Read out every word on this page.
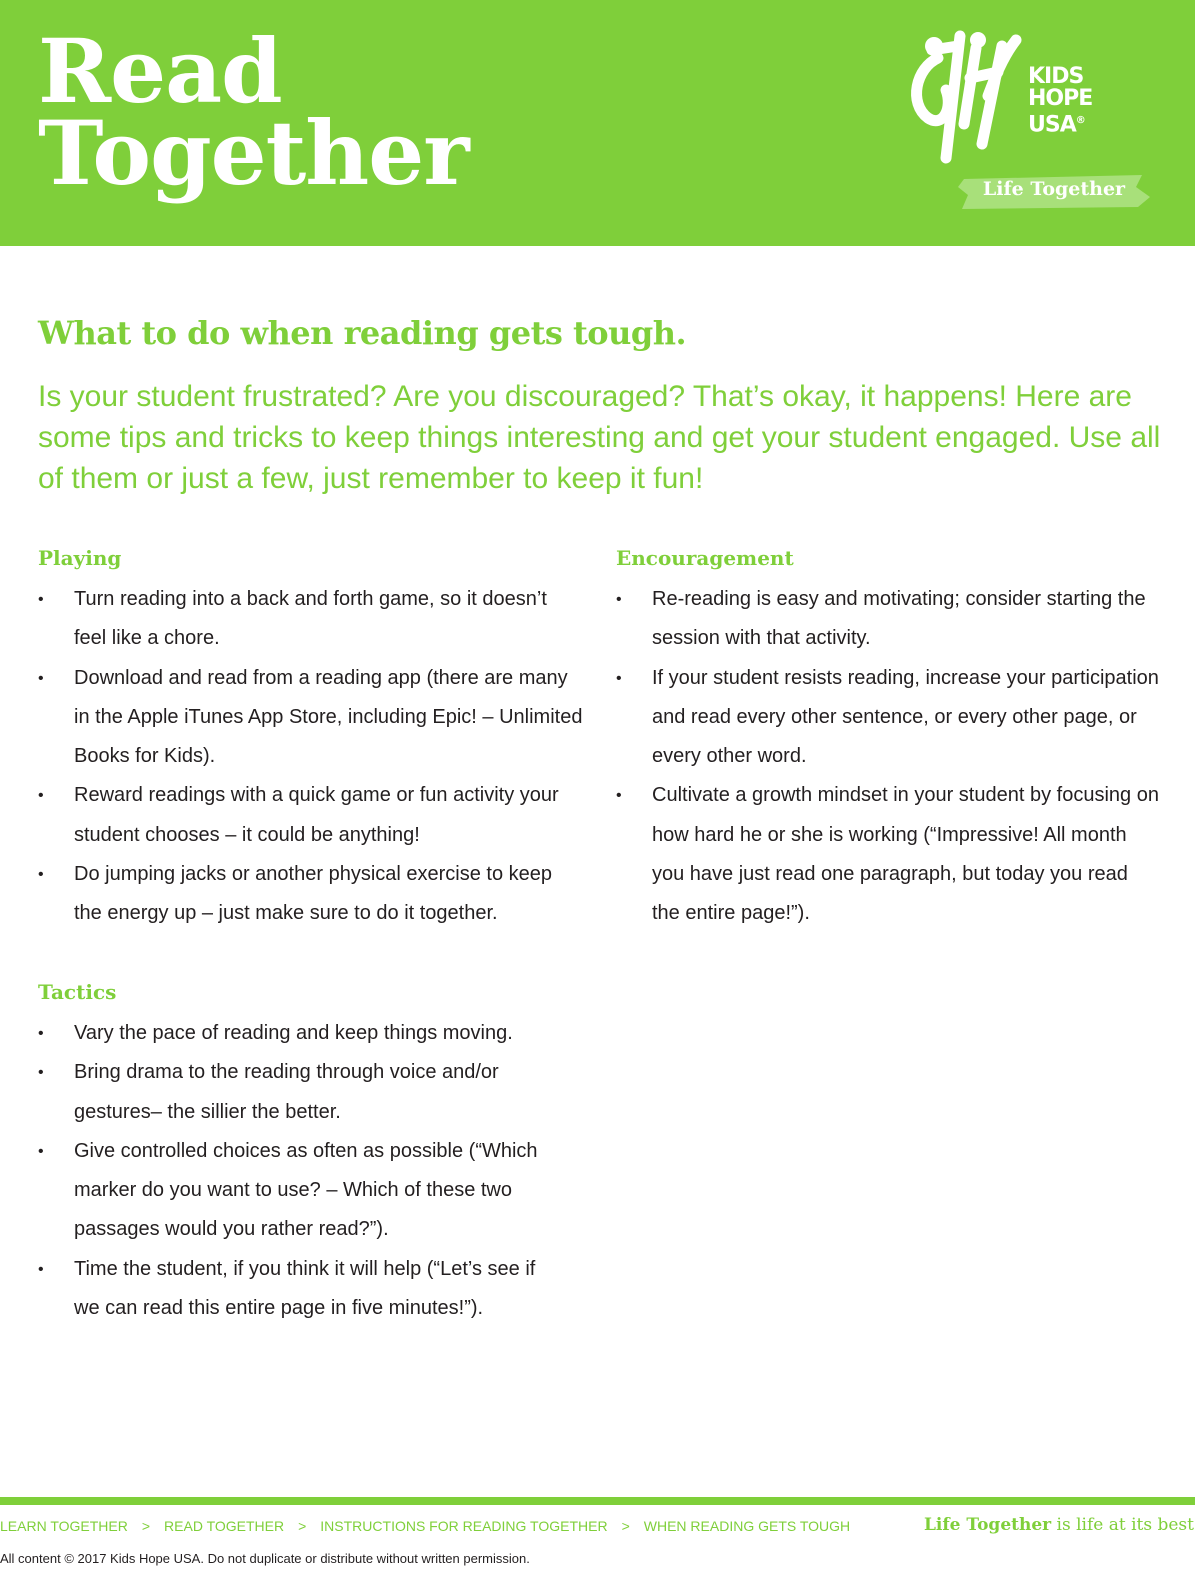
Read
Together
KIDS
HOPE
USA®
Life Together
What to do when reading gets tough.

Is your student frustrated? Are you discouraged? That’s okay, it happens! Here are some tips and tricks to keep things interesting and get your student engaged. Use all of them or just a few, just remember to keep it fun!

Playing
• Turn reading into a back and forth game, so it doesn’t feel like a chore.
• Download and read from a reading app (there are many in the Apple iTunes App Store, including Epic! – Unlimited Books for Kids).
• Reward readings with a quick game or fun activity your student chooses – it could be anything!
• Do jumping jacks or another physical exercise to keep the energy up – just make sure to do it together.
Tactics
• Vary the pace of reading and keep things moving.
• Bring drama to the reading through voice and/or gestures– the sillier the better.
• Give controlled choices as often as possible (“Which marker do you want to use? – Which of these two passages would you rather read?”).
• Time the student, if you think it will help (“Let’s see if we can read this entire page in five minutes!”).
Encouragement
• Re-reading is easy and motivating; consider starting the session with that activity.
• If your student resists reading, increase your participation and read every other sentence, or every other page, or every other word.
• Cultivate a growth mindset in your student by focusing on how hard he or she is working (“Impressive! All month you have just read one paragraph, but today you read the entire page!”).
LEARN TOGETHER > READ TOGETHER > INSTRUCTIONS FOR READING TOGETHER > WHEN READING GETS TOUGH	Life Together is life at its best
All content © 2017 Kids Hope USA. Do not duplicate or distribute without written permission.
